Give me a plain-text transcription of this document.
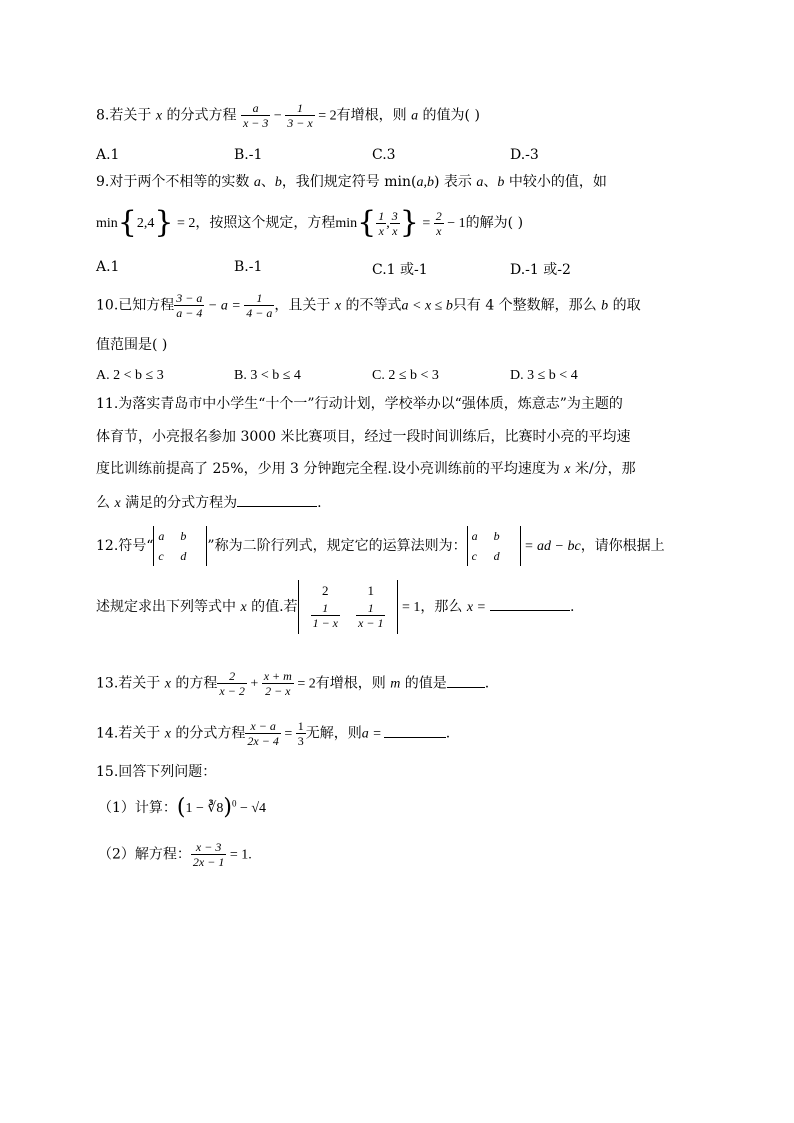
8.若关于 x 的分式方程 $\frac{a}{x - 3} - \frac{1}{3 - x} = 2$有增根，则 a 的值为( )
A.1	B.-1	C.3	D.-3
9.对于两个不相等的实数 a、b，我们规定符号 min(a,b) 表示 a、b 中较小的值，如
min{2,4} = 2，按照这个规定，方程$\min\{ \frac{1}{x}$ , $\frac{3}{x}$ } = $\frac{2}{x} - 1$的解为( )
A.1	B.-1	C.1 或-1	D.-1 或-2
10.已知方程 $\frac{3 - a}{a - 4} - a = \frac{1}{4 - a}$ ，且关于 x 的不等式a < x ≤ b只有 4 个整数解，那么 b 的取
值范围是( )
A. 2 < b ≤ 3	B. 3 < b ≤ 4	C. 2 ≤ b < 3	D. 3 ≤ b < 4
11.为落实青岛市中小学生“十个一”行动计划，学校举办以“强体质，炼意志”为主题的
体育节，小亮报名参加 3000 米比赛项目，经过一段时间训练后，比赛时小亮的平均速
度比训练前提高了 25%，少用 3 分钟跑完全程.设小亮训练前的平均速度为 x 米/分，那
么 x 满足的分式方程为	.
12.符号“
a b
c d
”称为二阶行列式，规定它的运算法则为：
a b
c d
= ad − bc，请你根据上
述规定求出下列等式中 x 的值.若
2	1

$\frac{1}{1 - x}$	$\frac{1}{x - 1} = 1$，那么 x =	.
13.若关于 x 的方程 $\frac{2}{x - 2} + \frac{x + m}{2 - x} = 2$有增根，则 m 的值是	.
14.若关于 x 的分式方程 $\frac{x - a}{2x - 4} = \frac{1}{3}$ 无解，则a =	.
15.回答下列问题：
（1）计算：(1 − ∛8)$^0$ − √4
（2）解方程： $\frac{x - 3}{2x - 1} = 1$.
